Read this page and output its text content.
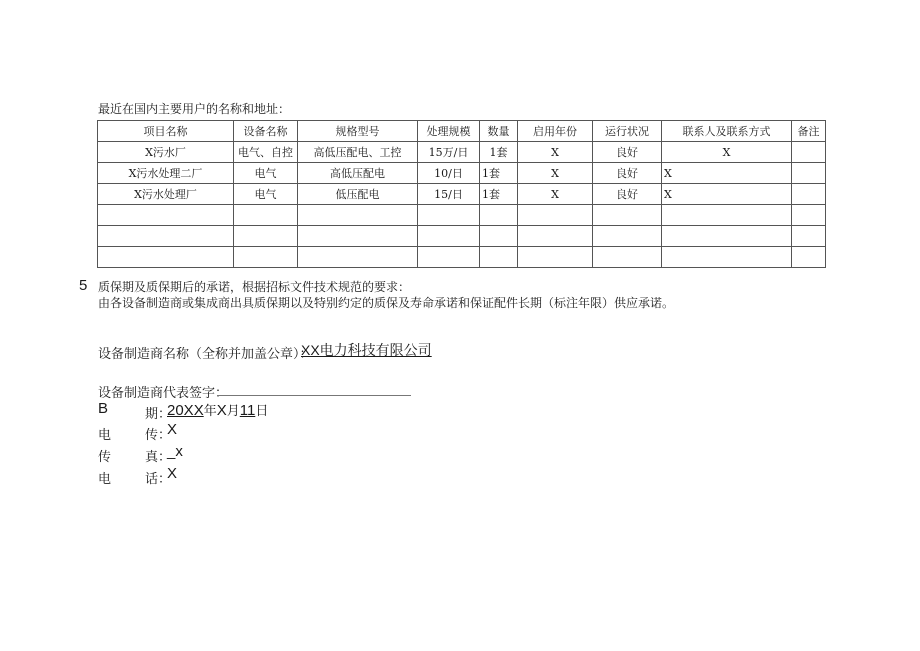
最近在国内主要用户的名称和地址：
项目名称	设备名称	规格型号	处理规模	数量	启用年份	运行状况	联系人及联系方式	备注
X污水厂	电气、自控	高低压配电、工控	15万/日	1套	X	良好	X	
X污水处理二厂	电气	高低压配电	10/日	1套	X	良好	X	
X污水处理厂	电气	低压配电	15/日	1套	X	良好	X	

5 质保期及质保期后的承诺，根据招标文件技术规范的要求：
由各设备制造商或集成商出具质保期以及特别约定的质保及寿命承诺和保证配件长期（标注年限）供应承诺。
设备制造商名称（全称并加盖公章）：
XX电力科技有限公司
设备制造商代表签字：
B	期：
20XX年X月11日
电	传：
X
传	真：
_x
电	话：
X
